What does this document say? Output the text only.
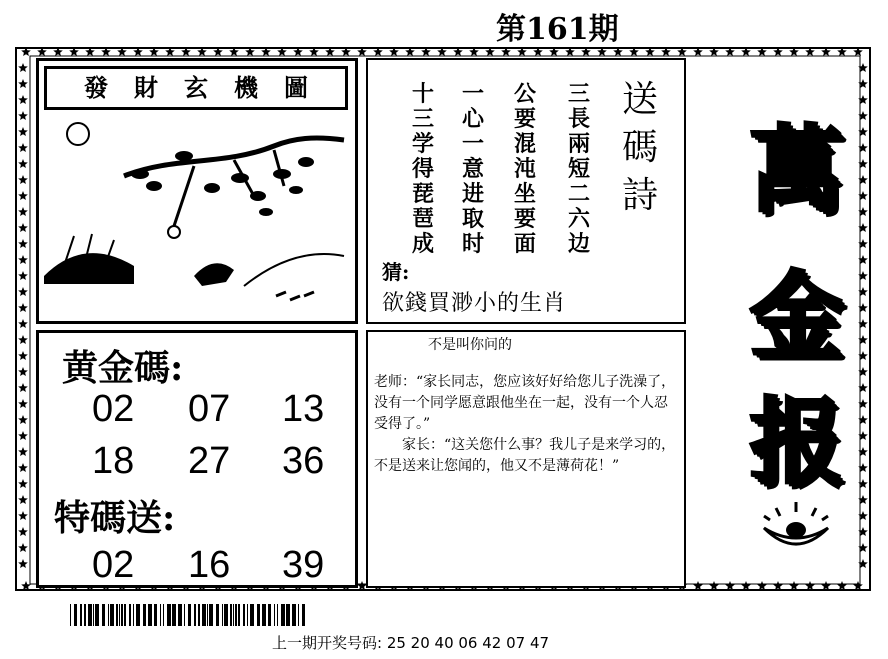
第161期
發財玄機圖	三長兩短二六边
公要混沌坐要面
一心一意进取时
十三学得琵琶成
送碼詩
猜:
欲錢買渺小的生肖
萬
金
报
黄金碼:
02 07 13
18 27 36
特碼送:
02 16 39
不是叫你问的

老师：“家长同志，您应该好好给您儿子洗澡了，没有一个同学愿意跟他坐在一起，没有一个人忍受得了。”

家长：“这关您什么事？我儿子是来学习的，不是送来让您闻的，他又不是薄荷花！”

上一期开奖号码: 25 20 40 06 42 07 47
